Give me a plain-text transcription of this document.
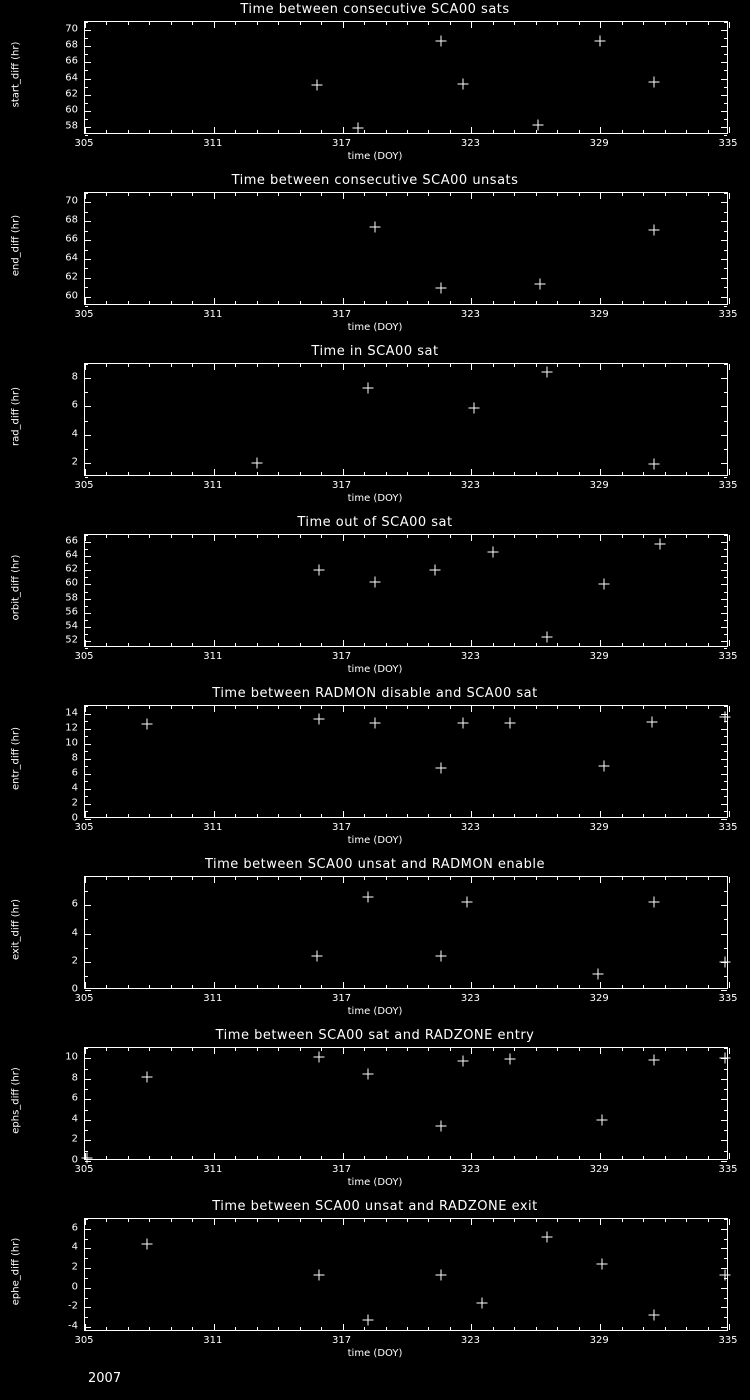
Time between consecutive SCA00 sats
start_diff (hr)
58
60
62
64
66
68
70
305	311	317	323	329	335
time (DOY)
Time between consecutive SCA00 unsats
end_diff (hr)
60
62
64
66
68
70
305	311	317	323	329	335
time (DOY)
Time in SCA00 sat
rad_diff (hr)
2
4
6
8
305	311	317	323	329	335
time (DOY)
Time out of SCA00 sat
orbit_diff (hr)
52
54
56
58
60
62
64
66
305	311	317	323	329	335
time (DOY)
Time between RADMON disable and SCA00 sat
entr_diff (hr)
0
2
4
6
8
10
12
14
305	311	317	323	329	335
time (DOY)
Time between SCA00 unsat and RADMON enable
exit_diff (hr)
0
2
4
6
305	311	317	323	329	335
time (DOY)
Time between SCA00 sat and RADZONE entry
ephs_diff (hr)
0
2
4
6
8
10
305	311	317	323	329	335
time (DOY)
Time between SCA00 unsat and RADZONE exit
ephe_diff (hr)
-4
-2
0
2
4
6
305	311	317	323	329	335
time (DOY)
2007
